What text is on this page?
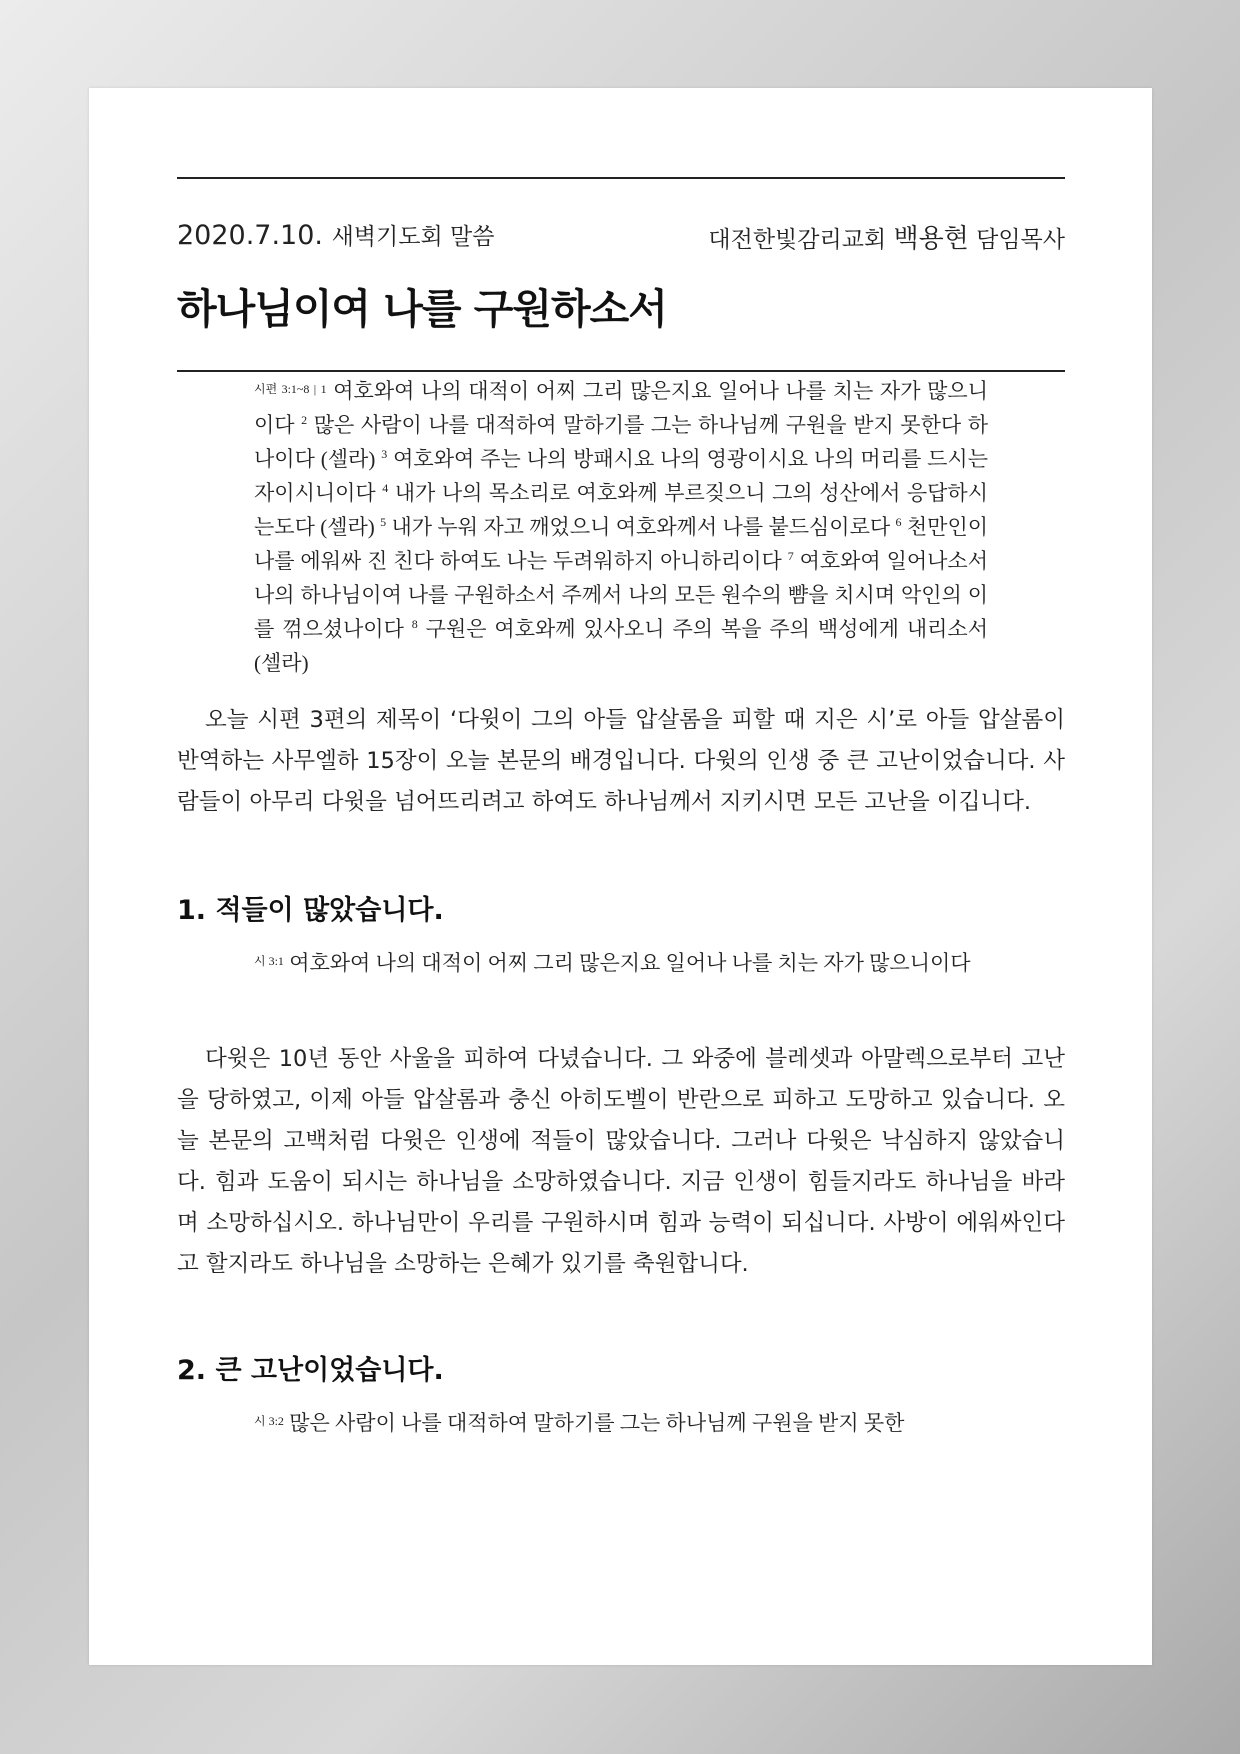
2020.7.10. 새벽기도회 말씀	대전한빛감리교회 백용현 담임목사
하나님이여 나를 구원하소서
$^{시편 3:1\sim 8 | 1}$ 여호와여 나의 대적이 어찌 그리 많은지요 일어나 나를 치는 자가 많으니이다 $^2$ 많은 사람이 나를 대적하여 말하기를 그는 하나님께 구원을 받지 못한다 하나이다 (셀라) $^3$ 여호와여 주는 나의 방패시요 나의 영광이시요 나의 머리를 드시는 자이시니이다 $^4$ 내가 나의 목소리로 여호와께 부르짖으니 그의 성산에서 응답하시는도다 (셀라) $^5$ 내가 누워 자고 깨었으니 여호와께서 나를 붙드심이로다 $^6$ 천만인이 나를 에워싸 진 친다 하여도 나는 두려워하지 아니하리이다 $^7$ 여호와여 일어나소서 나의 하나님이여 나를 구원하소서 주께서 나의 모든 원수의 뺨을 치시며 악인의 이를 꺾으셨나이다 $^8$ 구원은 여호와께 있사오니 주의 복을 주의 백성에게 내리소서 (셀라)
오늘 시편 3편의 제목이 ‘다윗이 그의 아들 압살롬을 피할 때 지은 시’로 아들 압살롬이 반역하는 사무엘하 15장이 오늘 본문의 배경입니다. 다윗의 인생 중 큰 고난이었습니다. 사람들이 아무리 다윗을 넘어뜨리려고 하여도 하나님께서 지키시면 모든 고난을 이깁니다.
1. 적들이 많았습니다.
$^{시 3:1}$ 여호와여 나의 대적이 어찌 그리 많은지요 일어나 나를 치는 자가 많으니이다
다윗은 10년 동안 사울을 피하여 다녔습니다. 그 와중에 블레셋과 아말렉으로부터 고난을 당하였고, 이제 아들 압살롬과 충신 아히도벨이 반란으로 피하고 도망하고 있습니다. 오늘 본문의 고백처럼 다윗은 인생에 적들이 많았습니다. 그러나 다윗은 낙심하지 않았습니다. 힘과 도움이 되시는 하나님을 소망하였습니다. 지금 인생이 힘들지라도 하나님을 바라며 소망하십시오. 하나님만이 우리를 구원하시며 힘과 능력이 되십니다. 사방이 에워싸인다고 할지라도 하나님을 소망하는 은혜가 있기를 축원합니다.
2. 큰 고난이었습니다.
$^{시 3:2}$ 많은 사람이 나를 대적하여 말하기를 그는 하나님께 구원을 받지 못한
